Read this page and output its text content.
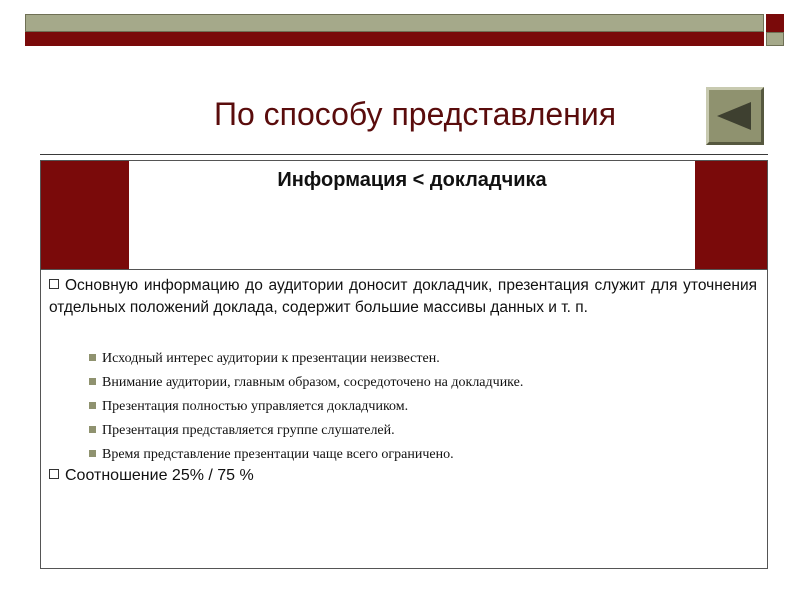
По способу представления
Информация < докладчика
Основную информацию до аудитории доносит докладчик, презентация служит для уточнения отдельных положений доклада, содержит большие массивы данных и т. п.
Исходный интерес аудитории к презентации неизвестен.
Внимание аудитории, главным образом, сосредоточено на докладчике.
Презентация полностью управляется докладчиком.
Презентация представляется группе слушателей.
Время представление презентации чаще всего ограничено.
Соотношение 25% / 75 %
